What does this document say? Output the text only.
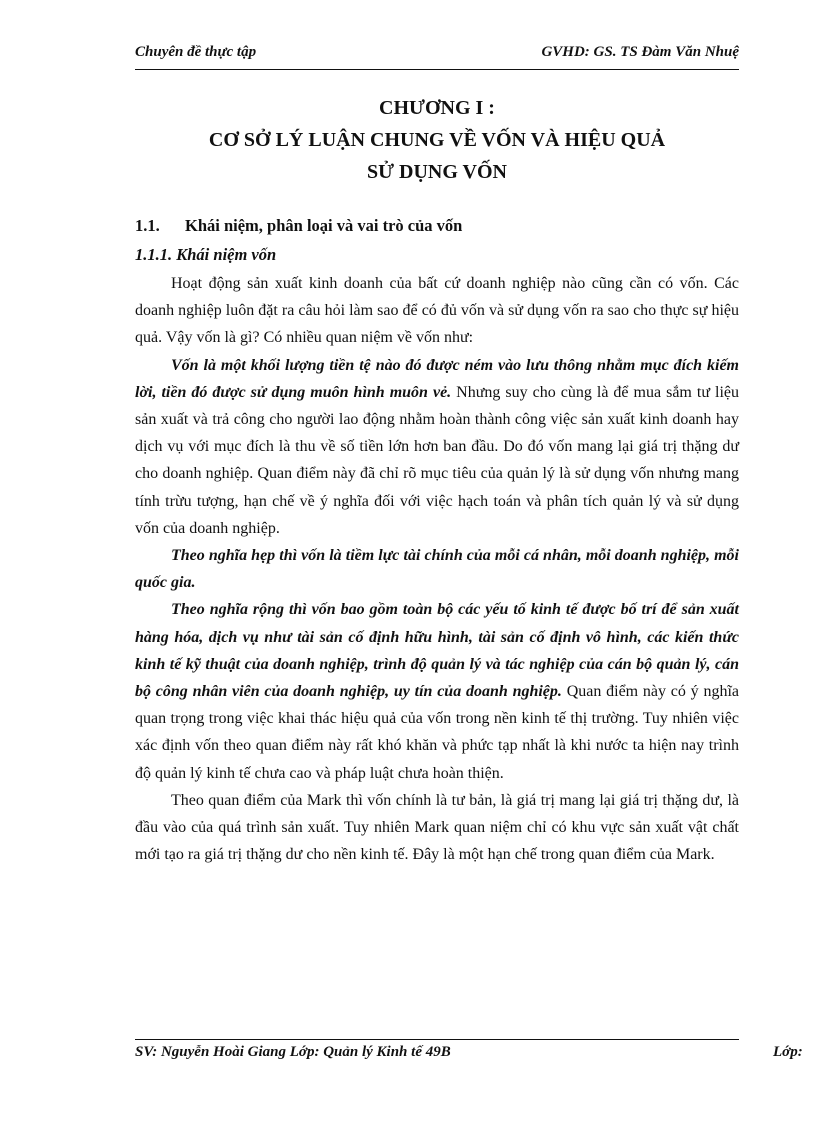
Chuyên đề thực tập	GVHD: GS. TS Đàm Văn Nhuệ
CHƯƠNG I :
CƠ SỞ LÝ LUẬN CHUNG VỀ VỐN VÀ HIỆU QUẢ
SỬ DỤNG VỐN
1.1. Khái niệm, phân loại và vai trò của vốn
1.1.1. Khái niệm vốn

Hoạt động sản xuất kinh doanh của bất cứ doanh nghiệp nào cũng cần có vốn. Các doanh nghiệp luôn đặt ra câu hỏi làm sao để có đủ vốn và sử dụng vốn ra sao cho thực sự hiệu quả. Vậy vốn là gì? Có nhiều quan niệm về vốn như:

Vốn là một khối lượng tiền tệ nào đó được ném vào lưu thông nhằm mục đích kiếm lời, tiền đó được sử dụng muôn hình muôn vẻ. Nhưng suy cho cùng là để mua sắm tư liệu sản xuất và trả công cho người lao động nhằm hoàn thành công việc sản xuất kinh doanh hay dịch vụ với mục đích là thu về số tiền lớn hơn ban đầu. Do đó vốn mang lại giá trị thặng dư cho doanh nghiệp. Quan điểm này đã chỉ rõ mục tiêu của quản lý là sử dụng vốn nhưng mang tính trừu tượng, hạn chế về ý nghĩa đối với việc hạch toán và phân tích quản lý và sử dụng vốn của doanh nghiệp.

Theo nghĩa hẹp thì vốn là tiềm lực tài chính của mỗi cá nhân, mỗi doanh nghiệp, mỗi quốc gia.

Theo nghĩa rộng thì vốn bao gồm toàn bộ các yếu tố kinh tế được bố trí để sản xuất hàng hóa, dịch vụ như tài sản cố định hữu hình, tài sản cố định vô hình, các kiến thức kinh tế kỹ thuật của doanh nghiệp, trình độ quản lý và tác nghiệp của cán bộ quản lý, cán bộ công nhân viên của doanh nghiệp, uy tín của doanh nghiệp. Quan điểm này có ý nghĩa quan trọng trong việc khai thác hiệu quả của vốn trong nền kinh tế thị trường. Tuy nhiên việc xác định vốn theo quan điểm này rất khó khăn và phức tạp nhất là khi nước ta hiện nay trình độ quản lý kinh tế chưa cao và pháp luật chưa hoàn thiện.

Theo quan điểm của Mark thì vốn chính là tư bản, là giá trị mang lại giá trị thặng dư, là đầu vào của quá trình sản xuất. Tuy nhiên Mark quan niệm chỉ có khu vực sản xuất vật chất mới tạo ra giá trị thặng dư cho nền kinh tế. Đây là một hạn chế trong quan điểm của Mark.

SV: Nguyễn Hoài Giang Lớp: Quản lý Kinh tế 49B	Lớp:
